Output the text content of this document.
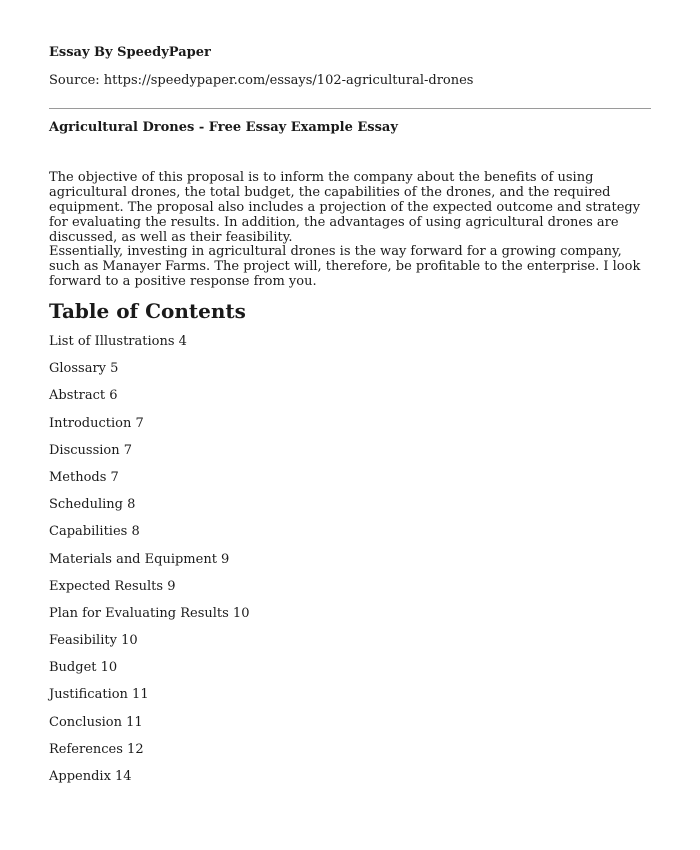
Essay By SpeedyPaper
Source: https://speedypaper.com/essays/102-agricultural-drones
Agricultural Drones - Free Essay Example Essay

The objective of this proposal is to inform the company about the benefits of using agricultural drones, the total budget, the capabilities of the drones, and the required equipment. The proposal also includes a projection of the expected outcome and strategy for evaluating the results. In addition, the advantages of using agricultural drones are discussed, as well as their feasibility.

Essentially, investing in agricultural drones is the way forward for a growing company, such as Manayer Farms. The project will, therefore, be profitable to the enterprise. I look forward to a positive response from you.

Table of Contents
List of Illustrations 4
Glossary 5
Abstract 6
Introduction 7
Discussion 7
Methods 7
Scheduling 8
Capabilities 8
Materials and Equipment 9
Expected Results 9
Plan for Evaluating Results 10
Feasibility 10
Budget 10
Justification 11
Conclusion 11
References 12
Appendix 14
